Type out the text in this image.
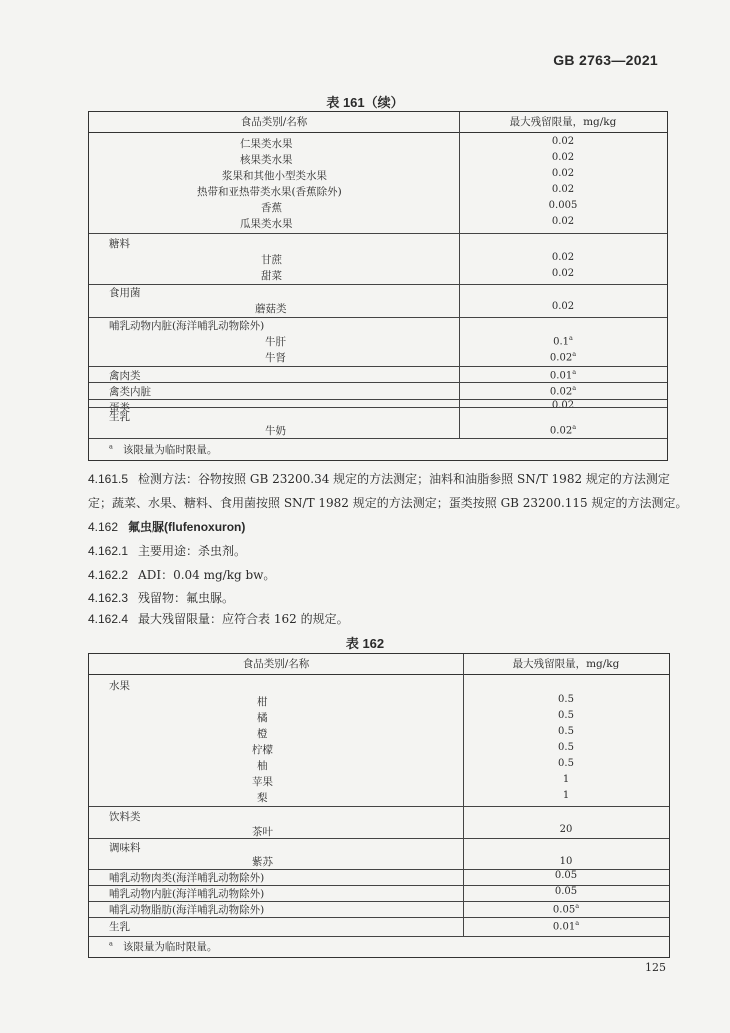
GB 2763—2021
表 161（续）
食品类别/名称	最大残留限量，mg/kg
仁果类水果	0.02
核果类水果	0.02
浆果和其他小型类水果	0.02
热带和亚热带类水果(香蕉除外)	0.02
香蕉	0.005
瓜果类水果	0.02
糖料
甘蔗	0.02
甜菜	0.02
食用菌
蘑菇类	0.02
哺乳动物内脏(海洋哺乳动物除外)
牛肝	0.1$^a$
牛肾	0.02$^a$
禽肉类	0.01$^a$
禽类内脏	0.02$^a$
蛋类	0.02
生乳
牛奶	0.02$^a$
$^a$ 该限量为临时限量。
4.161.5 检测方法：谷物按照 GB 23200.34 规定的方法测定；油料和油脂参照 SN/T 1982 规定的方法测定
定；蔬菜、水果、糖料、食用菌按照 SN/T 1982 规定的方法测定；蛋类按照 GB 23200.115 规定的方法测定。
4.162 氟虫脲(flufenoxuron)
4.162.1 主要用途：杀虫剂。
4.162.2 ADI：0.04 mg/kg bw。
4.162.3 残留物：氟虫脲。
4.162.4 最大残留限量：应符合表 162 的规定。
表 162
食品类别/名称	最大残留限量，mg/kg
水果
柑	0.5
橘	0.5
橙	0.5
柠檬	0.5
柚	0.5
苹果	1
梨	1
饮料类
茶叶	20
调味料
紫苏	10
哺乳动物肉类(海洋哺乳动物除外)	0.05
哺乳动物内脏(海洋哺乳动物除外)	0.05
哺乳动物脂肪(海洋哺乳动物除外)	0.05$^a$
生乳	0.01$^a$
$^a$ 该限量为临时限量。
125
